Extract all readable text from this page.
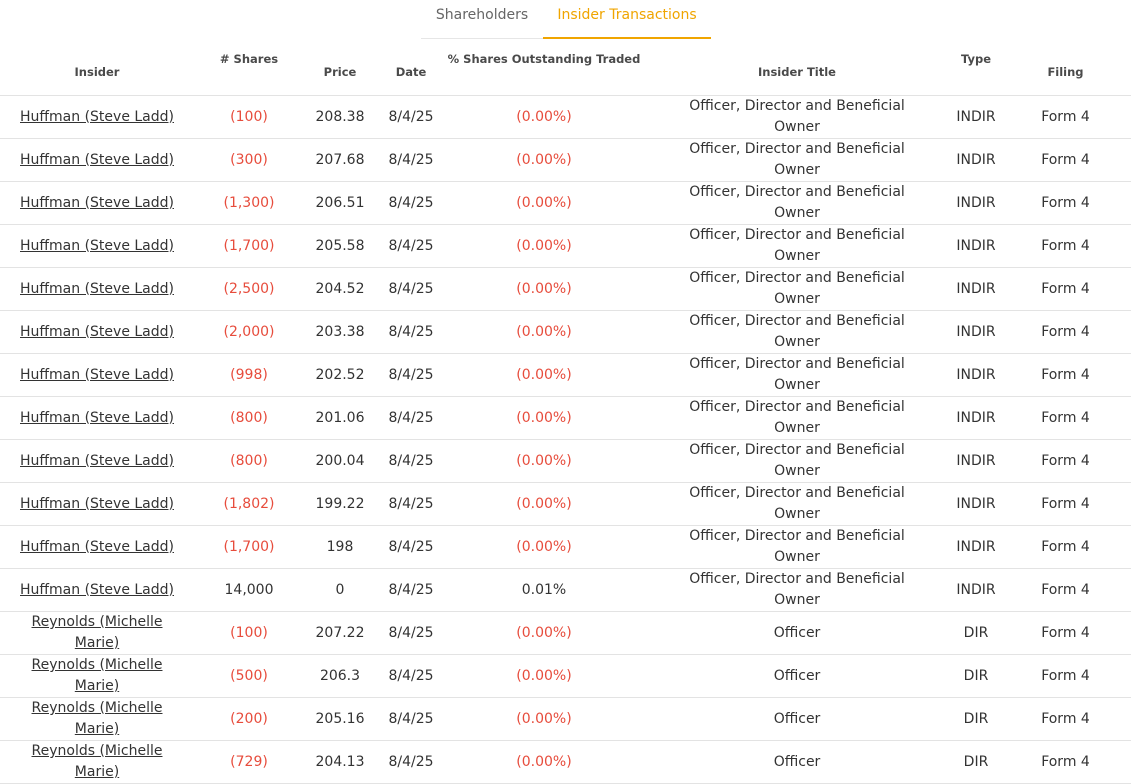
Shareholders	Insider Transactions
Insider	# Shares	Price	Date	% Shares Outstanding Traded	Insider Title	Type	Filing
Huffman (Steve Ladd)	(100)	208.38	8/4/25	(0.00%)	Officer, Director and Beneficial Owner	INDIR	Form 4
Huffman (Steve Ladd)	(300)	207.68	8/4/25	(0.00%)	Officer, Director and Beneficial Owner	INDIR	Form 4
Huffman (Steve Ladd)	(1,300)	206.51	8/4/25	(0.00%)	Officer, Director and Beneficial Owner	INDIR	Form 4
Huffman (Steve Ladd)	(1,700)	205.58	8/4/25	(0.00%)	Officer, Director and Beneficial Owner	INDIR	Form 4
Huffman (Steve Ladd)	(2,500)	204.52	8/4/25	(0.00%)	Officer, Director and Beneficial Owner	INDIR	Form 4
Huffman (Steve Ladd)	(2,000)	203.38	8/4/25	(0.00%)	Officer, Director and Beneficial Owner	INDIR	Form 4
Huffman (Steve Ladd)	(998)	202.52	8/4/25	(0.00%)	Officer, Director and Beneficial Owner	INDIR	Form 4
Huffman (Steve Ladd)	(800)	201.06	8/4/25	(0.00%)	Officer, Director and Beneficial Owner	INDIR	Form 4
Huffman (Steve Ladd)	(800)	200.04	8/4/25	(0.00%)	Officer, Director and Beneficial Owner	INDIR	Form 4
Huffman (Steve Ladd)	(1,802)	199.22	8/4/25	(0.00%)	Officer, Director and Beneficial Owner	INDIR	Form 4
Huffman (Steve Ladd)	(1,700)	198	8/4/25	(0.00%)	Officer, Director and Beneficial Owner	INDIR	Form 4
Huffman (Steve Ladd)	14,000	0	8/4/25	0.01%	Officer, Director and Beneficial Owner	INDIR	Form 4
Reynolds (Michelle Marie)	(100)	207.22	8/4/25	(0.00%)	Officer	DIR	Form 4
Reynolds (Michelle Marie)	(500)	206.3	8/4/25	(0.00%)	Officer	DIR	Form 4
Reynolds (Michelle Marie)	(200)	205.16	8/4/25	(0.00%)	Officer	DIR	Form 4
Reynolds (Michelle Marie)	(729)	204.13	8/4/25	(0.00%)	Officer	DIR	Form 4
